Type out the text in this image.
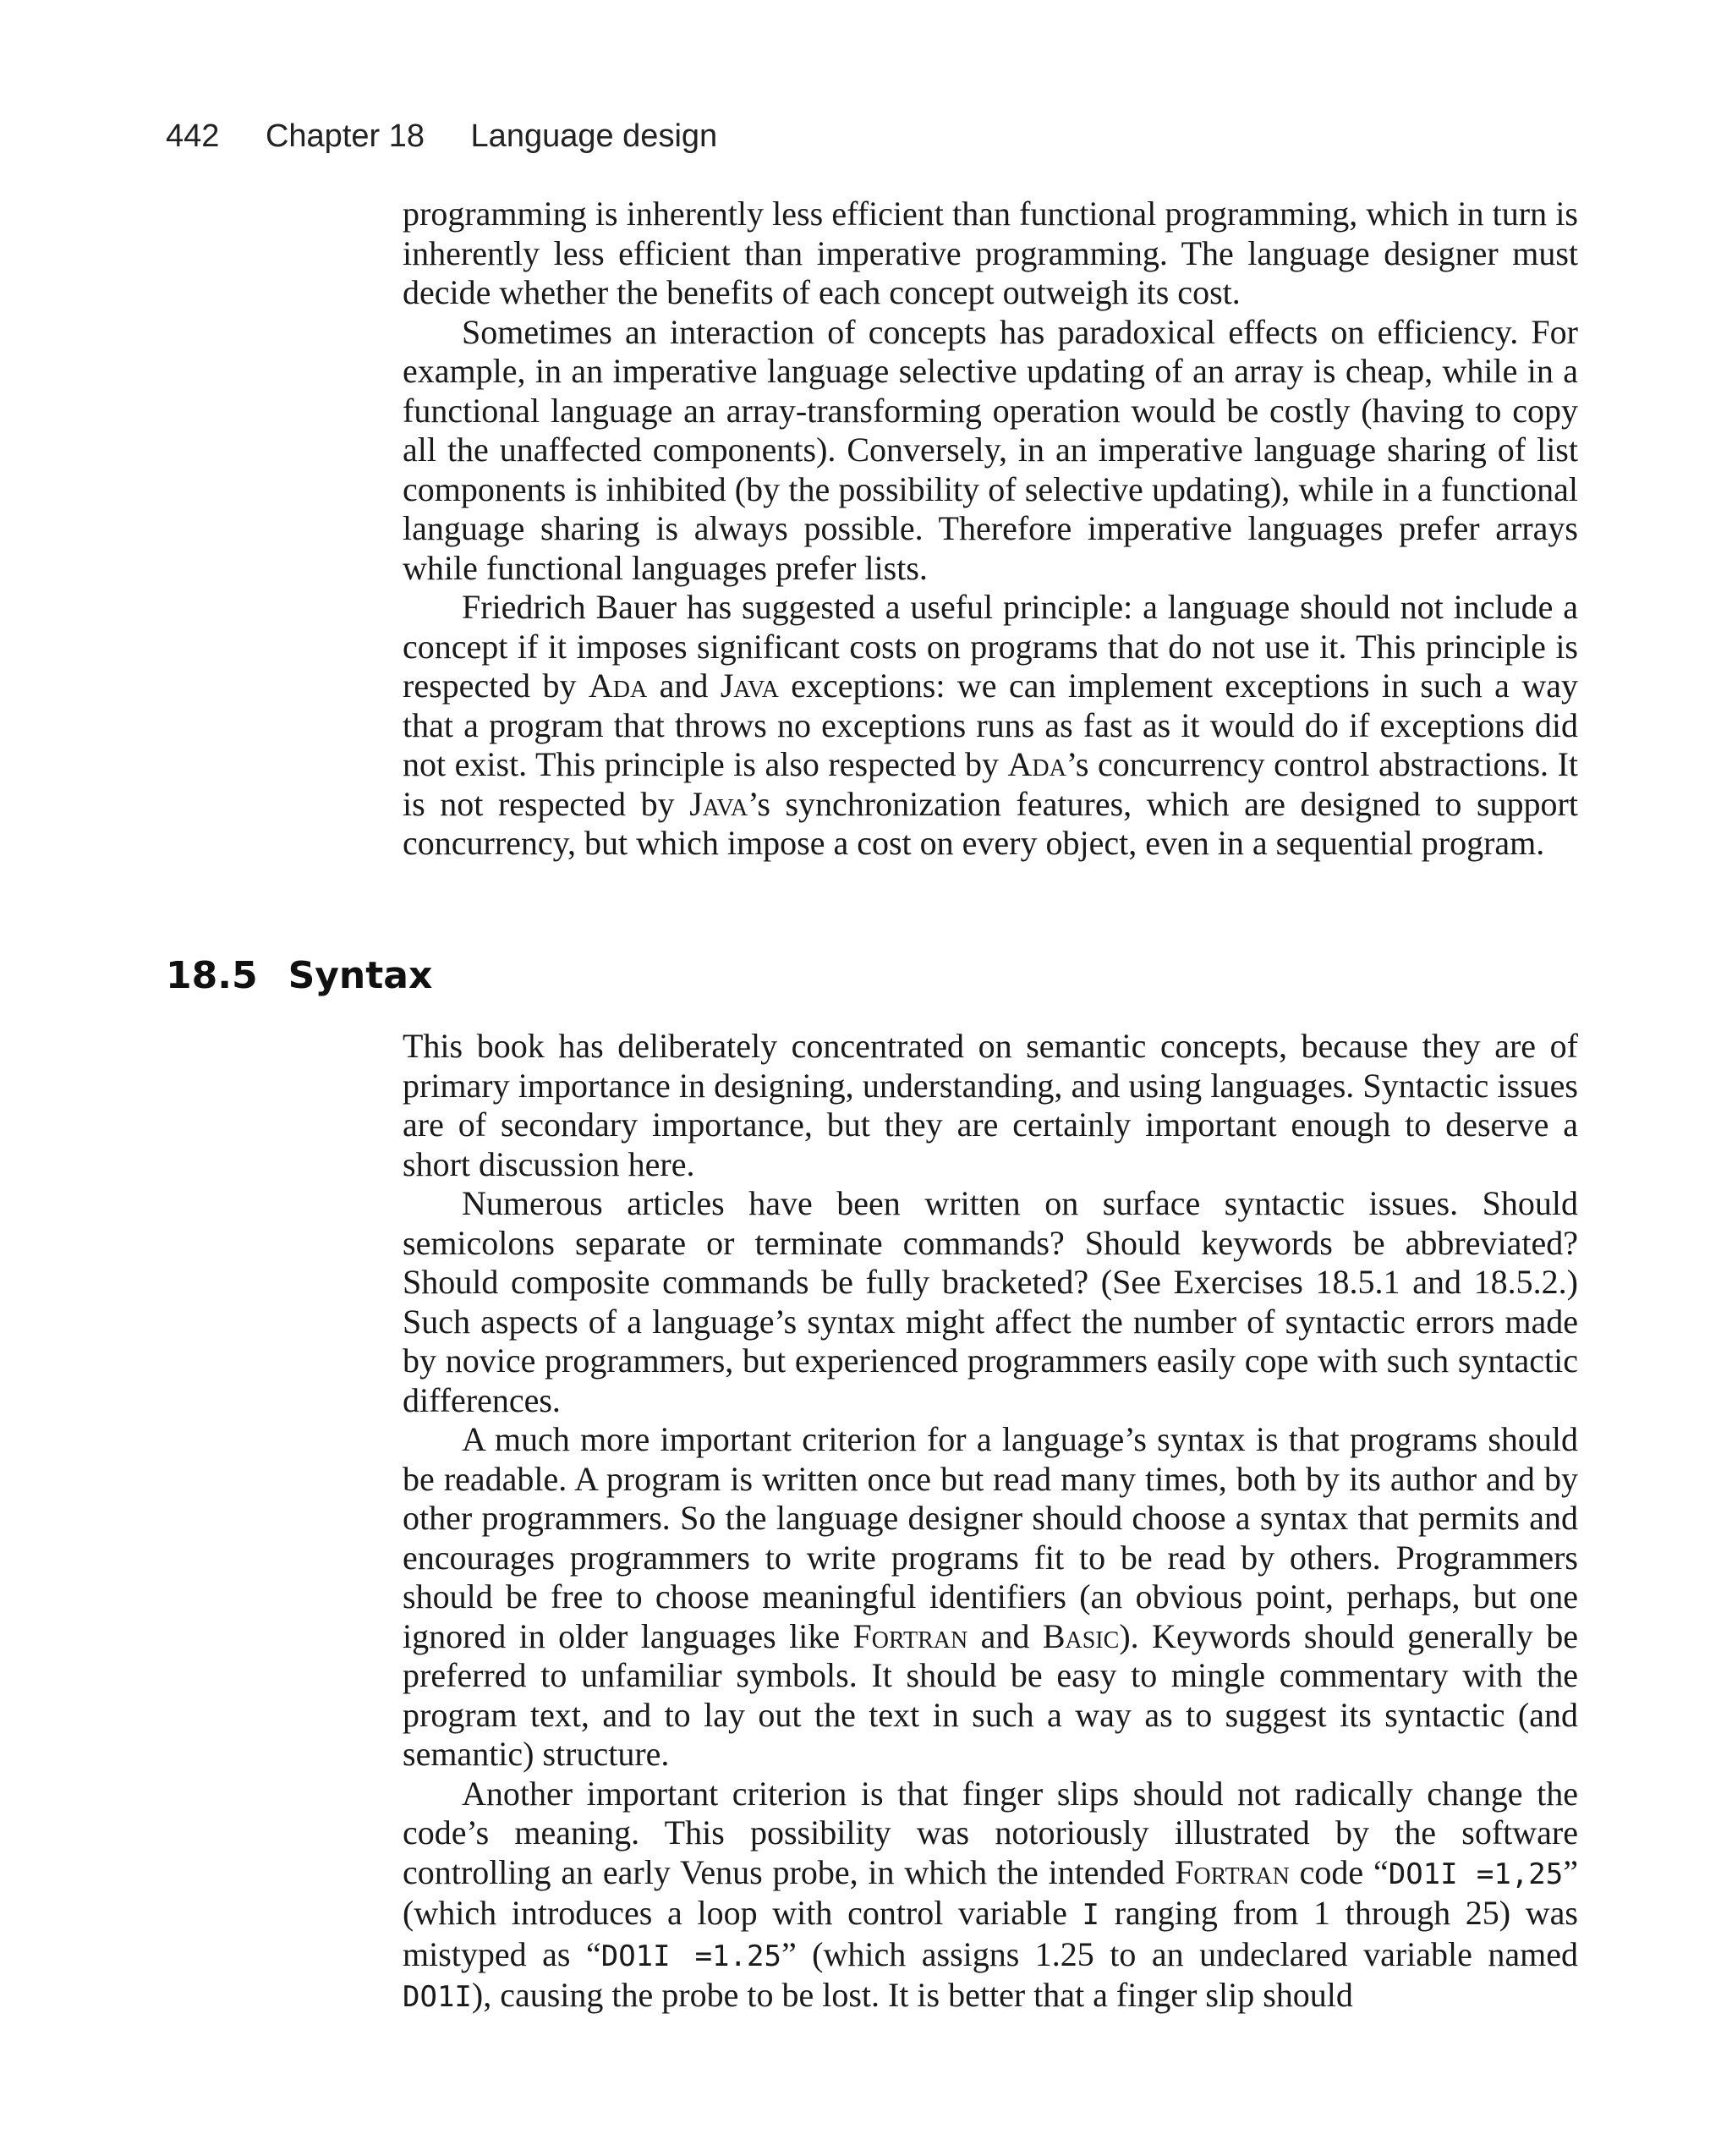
442 Chapter 18 Language design

programming is inherently less efficient than functional programming, which in turn is inherently less efficient than imperative programming. The language designer must decide whether the benefits of each concept outweigh its cost.

Sometimes an interaction of concepts has paradoxical effects on efficiency. For example, in an imperative language selective updating of an array is cheap, while in a functional language an array-transforming operation would be costly (having to copy all the unaffected components). Conversely, in an imperative language sharing of list components is inhibited (by the possibility of selective updating), while in a functional language sharing is always possible. Therefore imperative languages prefer arrays while functional languages prefer lists.

Friedrich Bauer has suggested a useful principle: a language should not include a concept if it imposes significant costs on programs that do not use it. This principle is respected by Ada and Java exceptions: we can implement exceptions in such a way that a program that throws no exceptions runs as fast as it would do if exceptions did not exist. This principle is also respected by Ada’s concurrency control abstractions. It is not respected by Java’s synchronization features, which are designed to support concurrency, but which impose a cost on every object, even in a sequential program.

18.5 Syntax

This book has deliberately concentrated on semantic concepts, because they are of primary importance in designing, understanding, and using languages. Syntactic issues are of secondary importance, but they are certainly important enough to deserve a short discussion here.

Numerous articles have been written on surface syntactic issues. Should semicolons separate or terminate commands? Should keywords be abbreviated? Should composite commands be fully bracketed? (See Exercises 18.5.1 and 18.5.2.) Such aspects of a language’s syntax might affect the number of syntactic errors made by novice programmers, but experienced programmers easily cope with such syntactic differences.

A much more important criterion for a language’s syntax is that programs should be readable. A program is written once but read many times, both by its author and by other programmers. So the language designer should choose a syntax that permits and encourages programmers to write programs fit to be read by others. Programmers should be free to choose meaningful identifiers (an obvious point, perhaps, but one ignored in older languages like Fortran and Basic). Keywords should generally be preferred to unfamiliar symbols. It should be easy to mingle commentary with the program text, and to lay out the text in such a way as to suggest its syntactic (and semantic) structure.

Another important criterion is that finger slips should not radically change the code’s meaning. This possibility was notoriously illustrated by the software controlling an early Venus probe, in which the intended Fortran code “DO1I =1,25” (which introduces a loop with control variable I ranging from 1 through 25) was mistyped as “DO1I =1.25” (which assigns 1.25 to an undeclared variable named DO1I), causing the probe to be lost. It is better that a finger slip should
